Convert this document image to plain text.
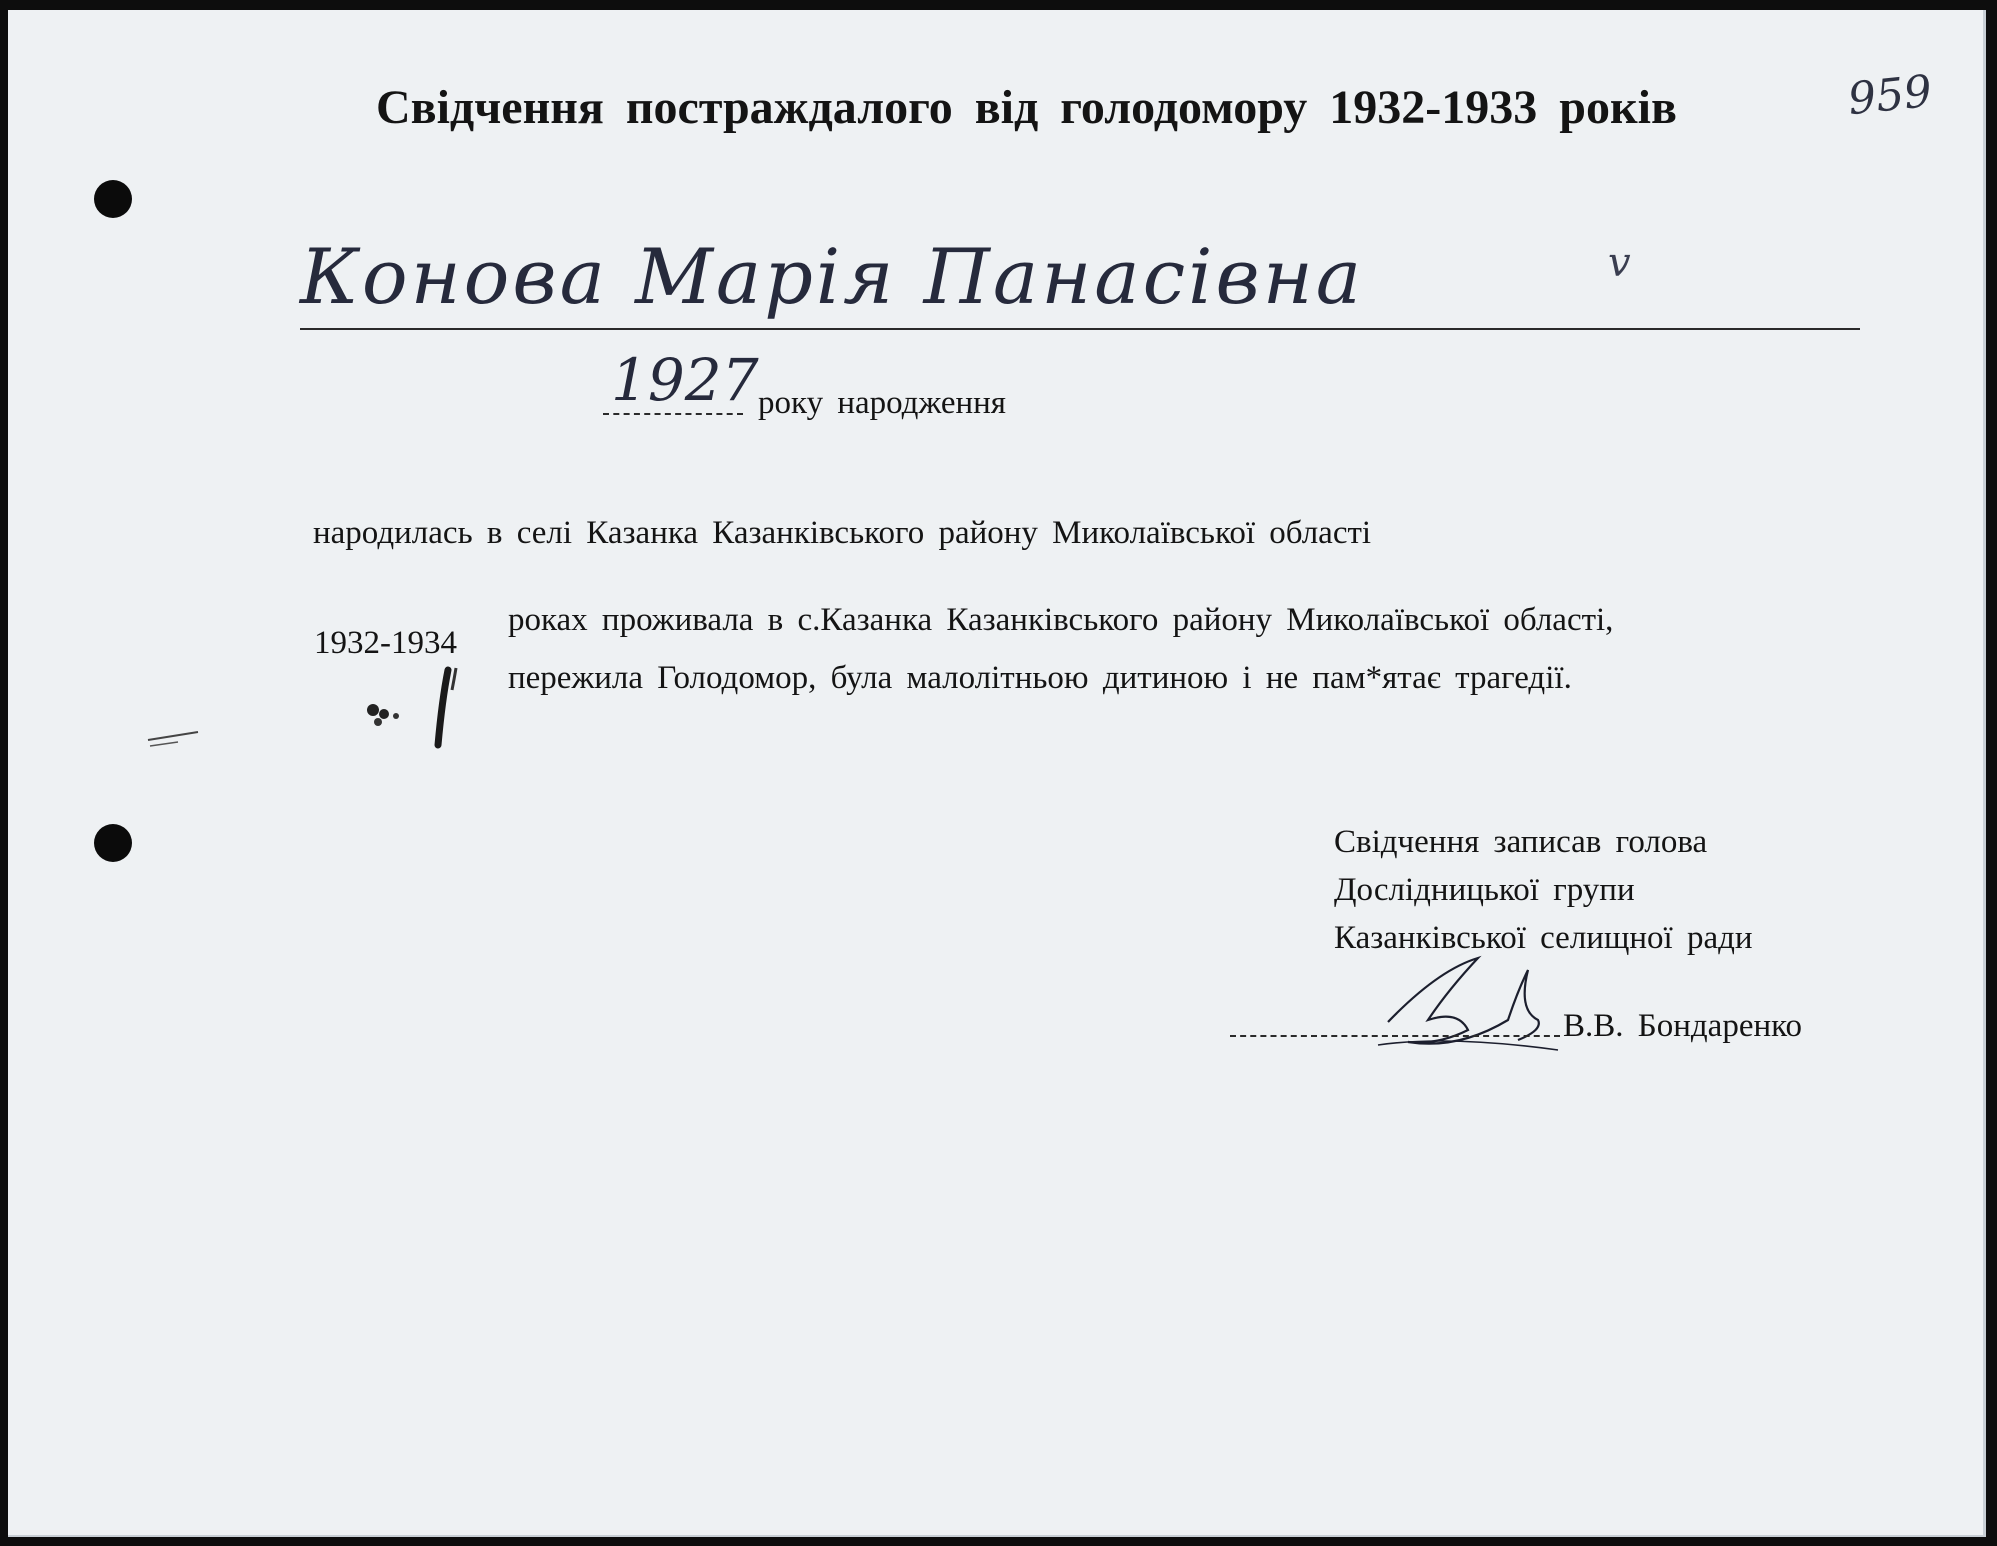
Свідчення постраждалого від голодомору 1932-1933 років	959
Конова Марія Панасівна	v
1927 року народження
народилась в селі Казанка Казанківського району Миколаївської області
1932-1934
роках проживала в с.Казанка Казанківського району Миколаївської області,
пережила Голодомор, була малолітньою дитиною і не пам*ятає трагедії.
Свідчення записав голова
Дослідницької групи
Казанківської селищної ради
В.В. Бондаренко
